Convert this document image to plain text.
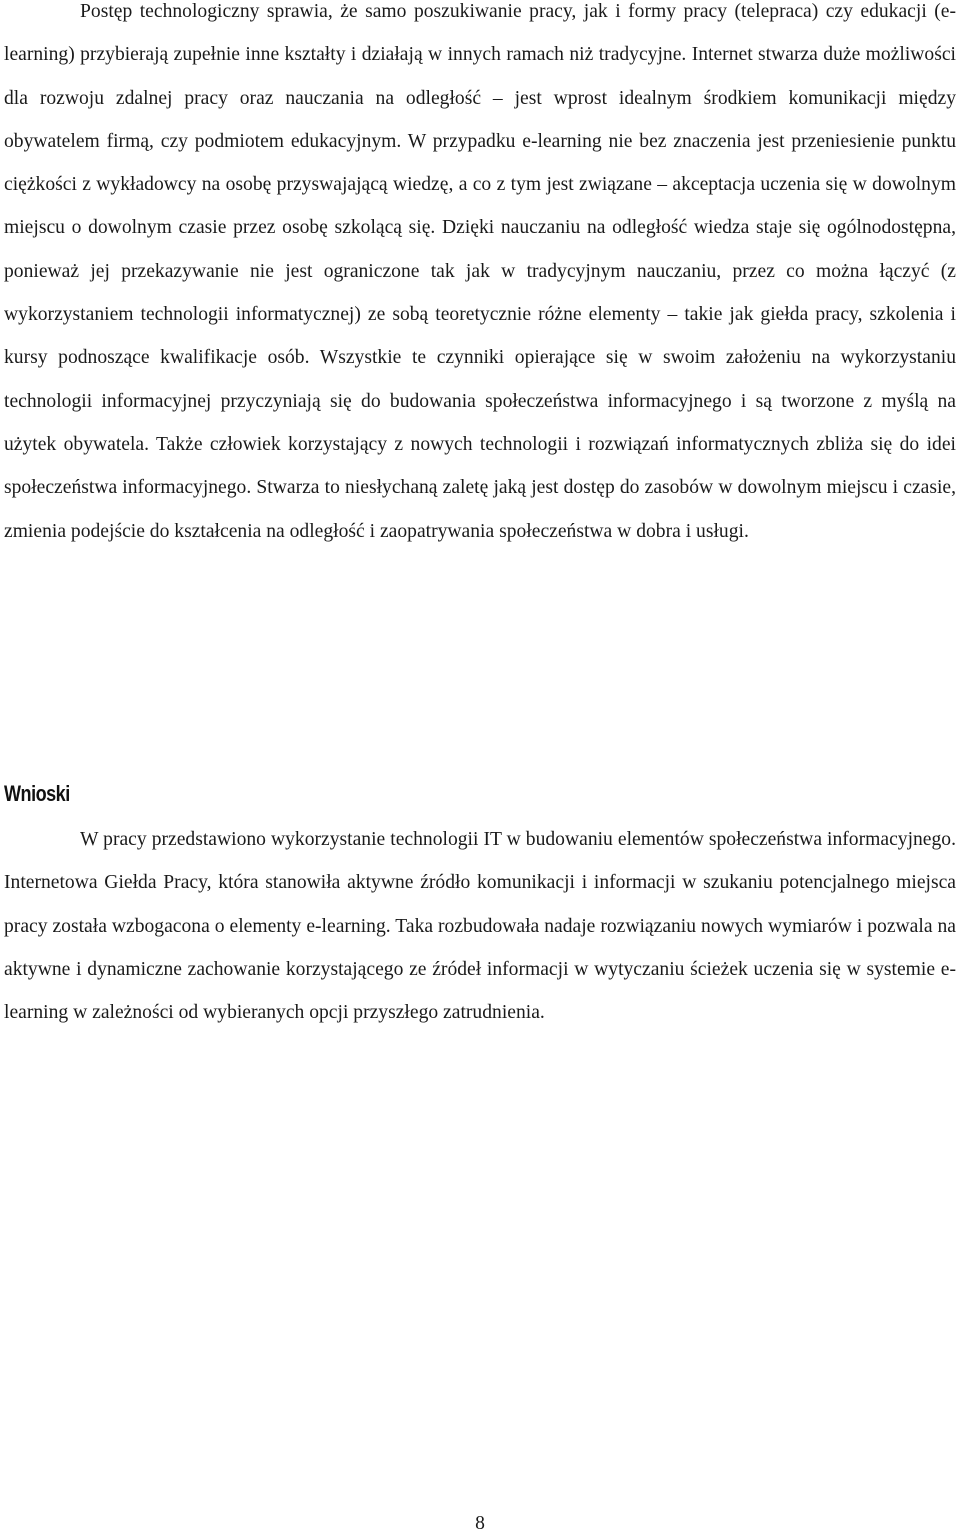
Postęp technologiczny sprawia, że samo poszukiwanie pracy, jak i formy pracy (telepraca) czy edukacji (e-learning) przybierają zupełnie inne kształty i działają w innych ramach niż tradycyjne. Internet stwarza duże możliwości dla rozwoju zdalnej pracy oraz nauczania na odległość – jest wprost idealnym środkiem komunikacji między obywatelem firmą, czy podmiotem edukacyjnym. W przypadku e-learning nie bez znaczenia jest przeniesienie punktu ciężkości z wykładowcy na osobę przyswajającą wiedzę, a co z tym jest związane – akceptacja uczenia się w dowolnym miejscu o dowolnym czasie przez osobę szkolącą się. Dzięki nauczaniu na odległość wiedza staje się ogólnodostępna, ponieważ jej przekazywanie nie jest ograniczone tak jak w tradycyjnym nauczaniu, przez co można łączyć (z wykorzystaniem technologii informatycznej) ze sobą teoretycznie różne elementy – takie jak giełda pracy, szkolenia i kursy podnoszące kwalifikacje osób. Wszystkie te czynniki opierające się w swoim założeniu na wykorzystaniu technologii informacyjnej przyczyniają się do budowania społeczeństwa informacyjnego i są tworzone z myślą na użytek obywatela. Także człowiek korzystający z nowych technologii i rozwiązań informatycznych zbliża się do idei społeczeństwa informacyjnego. Stwarza to niesłychaną zaletę jaką jest dostęp do zasobów w dowolnym miejscu i czasie, zmienia podejście do kształcenia na odległość i zaopatrywania społeczeństwa w dobra i usługi.

Wnioski

W pracy przedstawiono wykorzystanie technologii IT w budowaniu elementów społeczeństwa informacyjnego. Internetowa Giełda Pracy, która stanowiła aktywne źródło komunikacji i informacji w szukaniu potencjalnego miejsca pracy została wzbogacona o elementy e-learning. Taka rozbudowała nadaje rozwiązaniu nowych wymiarów i pozwala na aktywne i dynamiczne zachowanie korzystającego ze źródeł informacji w wytyczaniu ścieżek uczenia się w systemie e-learning w zależności od wybieranych opcji przyszłego zatrudnienia.

8
